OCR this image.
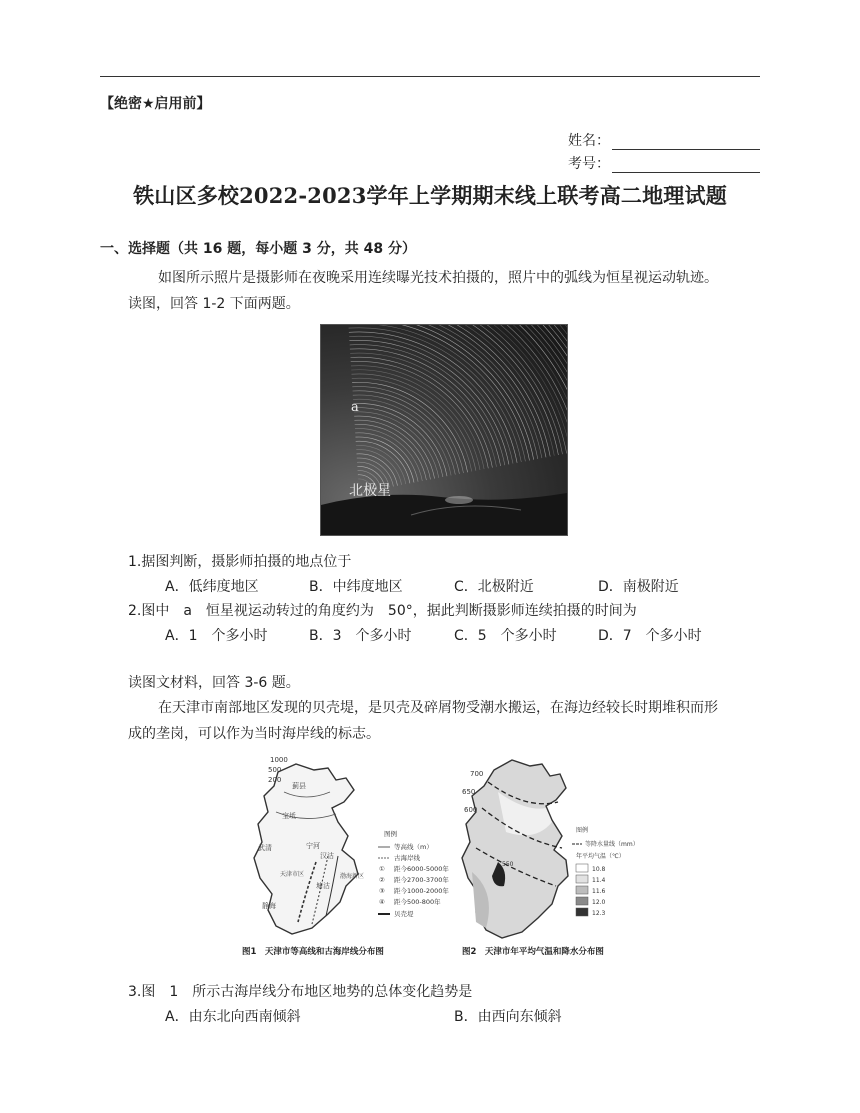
【绝密★启用前】
姓名：
考号：
铁山区多校2022-2023学年上学期期末线上联考高二地理试题
一、选择题（共 16 题，每小题 3 分，共 48 分）
如图所示照片是摄影师在夜晚采用连续曝光技术拍摄的，照片中的弧线为恒星视运动轨迹。
读图，回答 1-2 下面两题。
a
北极星
1.据图判断，摄影师拍摄的地点位于
A．低纬度地区	B．中纬度地区	C．北极附近	D．南极附近
2.图中　a　恒星视运动转过的角度约为　50°，据此判断摄影师连续拍摄的时间为
A．1　个多小时	B．3　个多小时	C．5　个多小时	D．7　个多小时
读图文材料，回答 3-6 题。
在天津市南部地区发现的贝壳堤，是贝壳及碎屑物受潮水搬运，在海边经较长时期堆积而形
成的垄岗，可以作为当时海岸线的标志。
1000
500
200
蓟县
宝坻
武清	宁河
汉沽
塘沽
静海
天津市区	渤海新区
图例
等高线（m）
古海岸线
① 距今6000-5000年
② 距今2700-3700年
③ 距今1000-2000年
④ 距今500-800年
贝壳堤
700
650
600
550
图例
等降水量线（mm）
年平均气温（℃）
10.8
11.4
11.6
12.0
12.3
图1　天津市等高线和古海岸线分布图	图2　天津市年平均气温和降水分布图
3.图　1　所示古海岸线分布地区地势的总体变化趋势是
A．由东北向西南倾斜	B．由西向东倾斜
